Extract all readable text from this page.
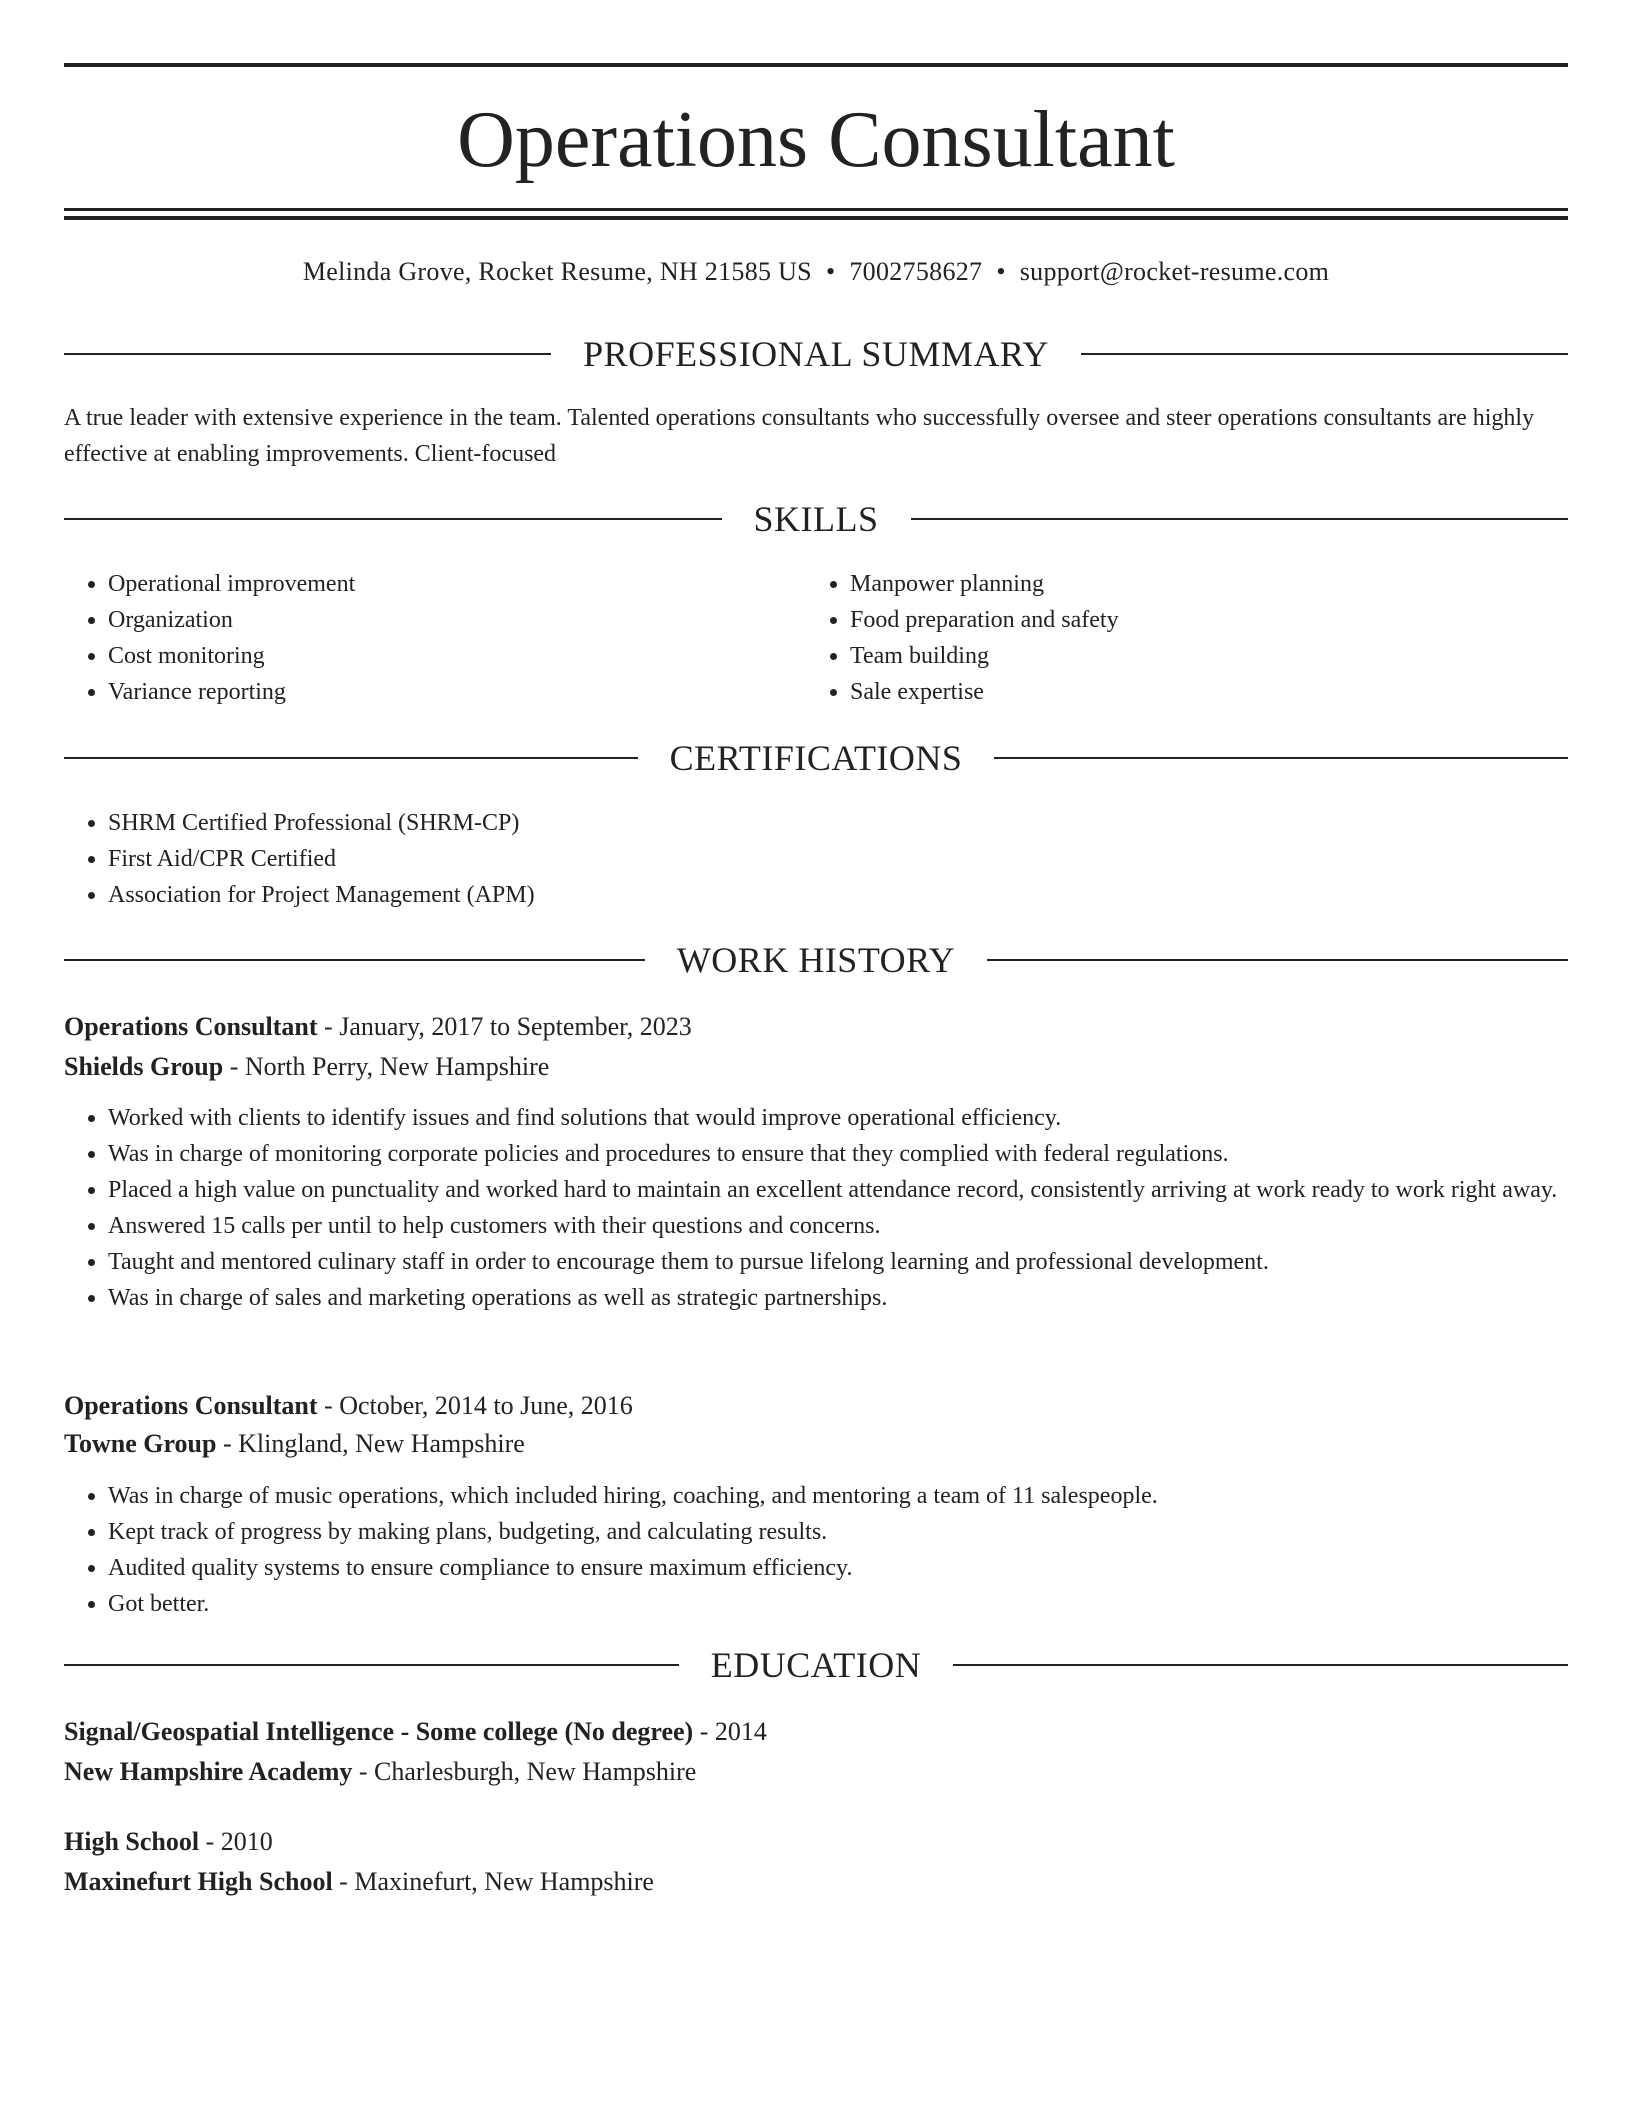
Operations Consultant
Melinda Grove, Rocket Resume, NH 21585 US • 7002758627 • support@rocket-resume.com
PROFESSIONAL SUMMARY

A true leader with extensive experience in the team. Talented operations consultants who successfully oversee and steer operations consultants are highly effective at enabling improvements. Client-focused

SKILLS
• Operational improvement
• Organization
• Cost monitoring
• Variance reporting
• Manpower planning
• Food preparation and safety
• Team building
• Sale expertise
CERTIFICATIONS
• SHRM Certified Professional (SHRM-CP)
• First Aid/CPR Certified
• Association for Project Management (APM)
WORK HISTORY
Operations Consultant - January, 2017 to September, 2023
Shields Group - North Perry, New Hampshire
• Worked with clients to identify issues and find solutions that would improve operational efficiency.
• Was in charge of monitoring corporate policies and procedures to ensure that they complied with federal regulations.
• Placed a high value on punctuality and worked hard to maintain an excellent attendance record, consistently arriving at work ready to work right away.
• Answered 15 calls per until to help customers with their questions and concerns.
• Taught and mentored culinary staff in order to encourage them to pursue lifelong learning and professional development.
• Was in charge of sales and marketing operations as well as strategic partnerships.
Operations Consultant - October, 2014 to June, 2016
Towne Group - Klingland, New Hampshire
• Was in charge of music operations, which included hiring, coaching, and mentoring a team of 11 salespeople.
• Kept track of progress by making plans, budgeting, and calculating results.
• Audited quality systems to ensure compliance to ensure maximum efficiency.
• Got better.
EDUCATION
Signal/Geospatial Intelligence - Some college (No degree) - 2014
New Hampshire Academy - Charlesburgh, New Hampshire
High School - 2010
Maxinefurt High School - Maxinefurt, New Hampshire
